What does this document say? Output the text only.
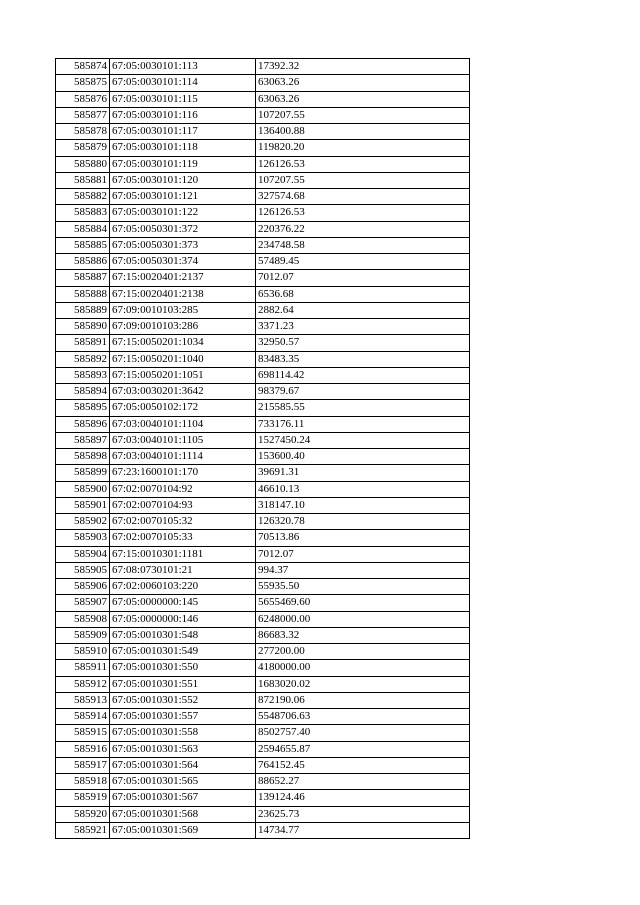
585874	67:05:0030101:113	17392.32
585875	67:05:0030101:114	63063.26
585876	67:05:0030101:115	63063.26
585877	67:05:0030101:116	107207.55
585878	67:05:0030101:117	136400.88
585879	67:05:0030101:118	119820.20
585880	67:05:0030101:119	126126.53
585881	67:05:0030101:120	107207.55
585882	67:05:0030101:121	327574.68
585883	67:05:0030101:122	126126.53
585884	67:05:0050301:372	220376.22
585885	67:05:0050301:373	234748.58
585886	67:05:0050301:374	57489.45
585887	67:15:0020401:2137	7012.07
585888	67:15:0020401:2138	6536.68
585889	67:09:0010103:285	2882.64
585890	67:09:0010103:286	3371.23
585891	67:15:0050201:1034	32950.57
585892	67:15:0050201:1040	83483.35
585893	67:15:0050201:1051	698114.42
585894	67:03:0030201:3642	98379.67
585895	67:05:0050102:172	215585.55
585896	67:03:0040101:1104	733176.11
585897	67:03:0040101:1105	1527450.24
585898	67:03:0040101:1114	153600.40
585899	67:23:1600101:170	39691.31
585900	67:02:0070104:92	46610.13
585901	67:02:0070104:93	318147.10
585902	67:02:0070105:32	126320.78
585903	67:02:0070105:33	70513.86
585904	67:15:0010301:1181	7012.07
585905	67:08:0730101:21	994.37
585906	67:02:0060103:220	55935.50
585907	67:05:0000000:145	5655469.60
585908	67:05:0000000:146	6248000.00
585909	67:05:0010301:548	86683.32
585910	67:05:0010301:549	277200.00
585911	67:05:0010301:550	4180000.00
585912	67:05:0010301:551	1683020.02
585913	67:05:0010301:552	872190.06
585914	67:05:0010301:557	5548706.63
585915	67:05:0010301:558	8502757.40
585916	67:05:0010301:563	2594655.87
585917	67:05:0010301:564	764152.45
585918	67:05:0010301:565	88652.27
585919	67:05:0010301:567	139124.46
585920	67:05:0010301:568	23625.73
585921	67:05:0010301:569	14734.77
